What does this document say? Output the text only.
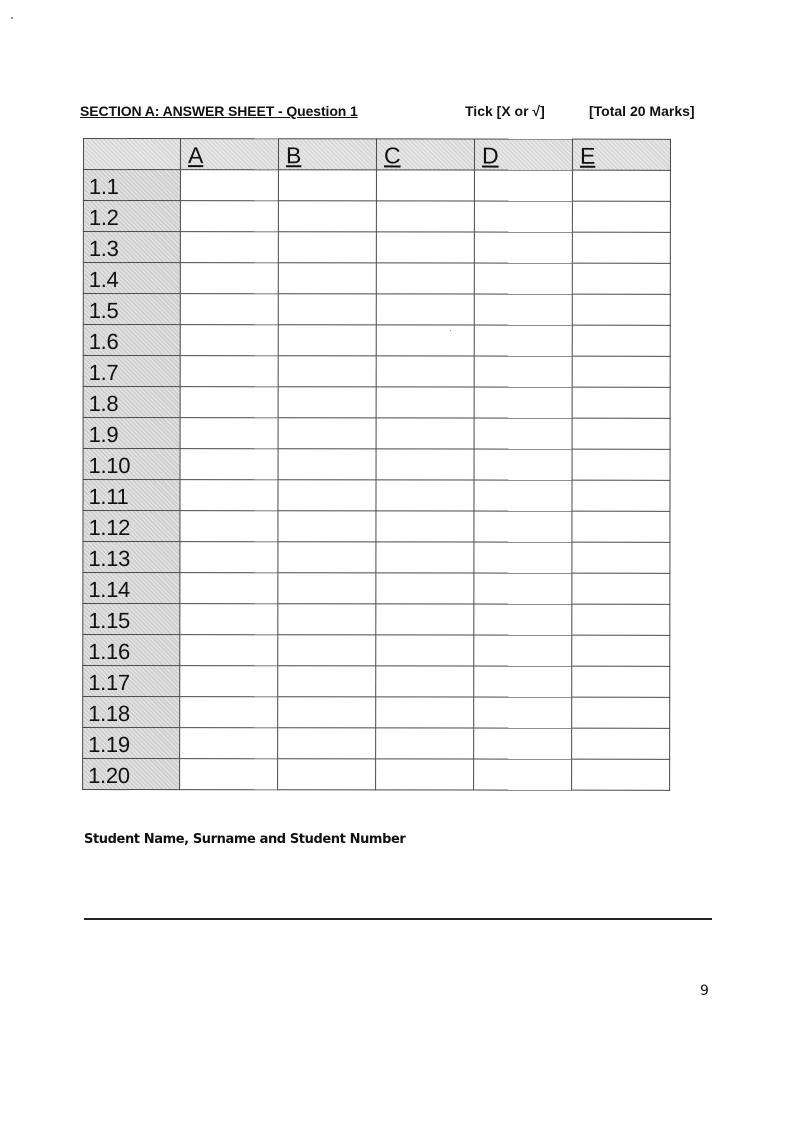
SECTION A: ANSWER SHEET - Question 1	Tick [X or √]	[Total 20 Marks]
	A	B	C	D	E
1.1					
1.2					
1.3					
1.4					
1.5					
1.6					
1.7					
1.8					
1.9					
1.10					
1.11					
1.12					
1.13					
1.14					
1.15					
1.16					
1.17					
1.18					
1.19					
1.20					
Student Name, Surname and Student Number
9
